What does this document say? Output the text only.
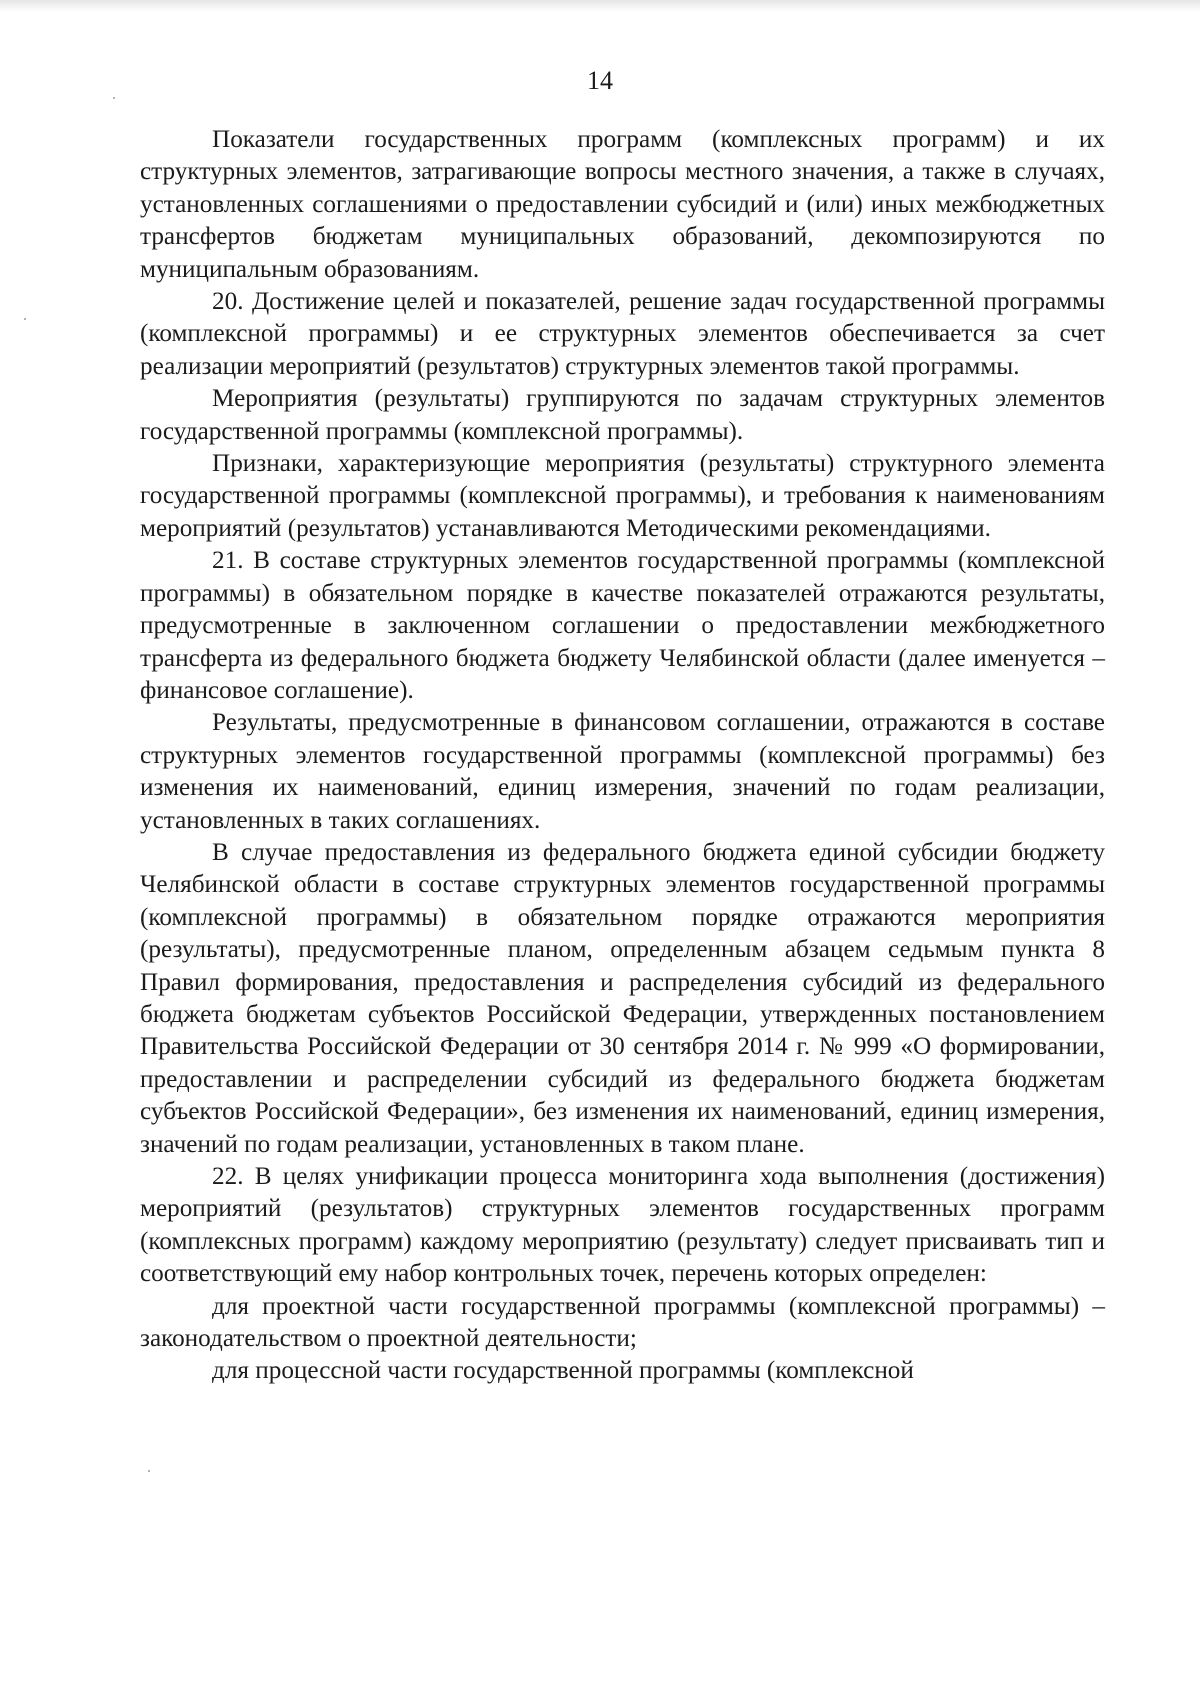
14

Показатели государственных программ (комплексных программ) и их структурных элементов, затрагивающие вопросы местного значения, а также в случаях, установленных соглашениями о предоставлении субсидий и (или) иных межбюджетных трансфертов бюджетам муниципальных образований, декомпозируются по муниципальным образованиям.

20. Достижение целей и показателей, решение задач государственной программы (комплексной программы) и ее структурных элементов обеспечивается за счет реализации мероприятий (результатов) структурных элементов такой программы.

Мероприятия (результаты) группируются по задачам структурных элементов государственной программы (комплексной программы).

Признаки, характеризующие мероприятия (результаты) структурного элемента государственной программы (комплексной программы), и требования к наименованиям мероприятий (результатов) устанавливаются Методическими рекомендациями.

21. В составе структурных элементов государственной программы (комплексной программы) в обязательном порядке в качестве показателей отражаются результаты, предусмотренные в заключенном соглашении о предоставлении межбюджетного трансферта из федерального бюджета бюджету Челябинской области (далее именуется – финансовое соглашение).

Результаты, предусмотренные в финансовом соглашении, отражаются в составе структурных элементов государственной программы (комплексной программы) без изменения их наименований, единиц измерения, значений по годам реализации, установленных в таких соглашениях.

В случае предоставления из федерального бюджета единой субсидии бюджету Челябинской области в составе структурных элементов государственной программы (комплексной программы) в обязательном порядке отражаются мероприятия (результаты), предусмотренные планом, определенным абзацем седьмым пункта 8 Правил формирования, предоставления и распределения субсидий из федерального бюджета бюджетам субъектов Российской Федерации, утвержденных постановлением Правительства Российской Федерации от 30 сентября 2014 г. № 999 «О формировании, предоставлении и распределении субсидий из федерального бюджета бюджетам субъектов Российской Федерации», без изменения их наименований, единиц измерения, значений по годам реализации, установленных в таком плане.

22. В целях унификации процесса мониторинга хода выполнения (достижения) мероприятий (результатов) структурных элементов государственных программ (комплексных программ) каждому мероприятию (результату) следует присваивать тип и соответствующий ему набор контрольных точек, перечень которых определен:

для проектной части государственной программы (комплексной программы) – законодательством о проектной деятельности;

для процессной части государственной программы (комплексной
